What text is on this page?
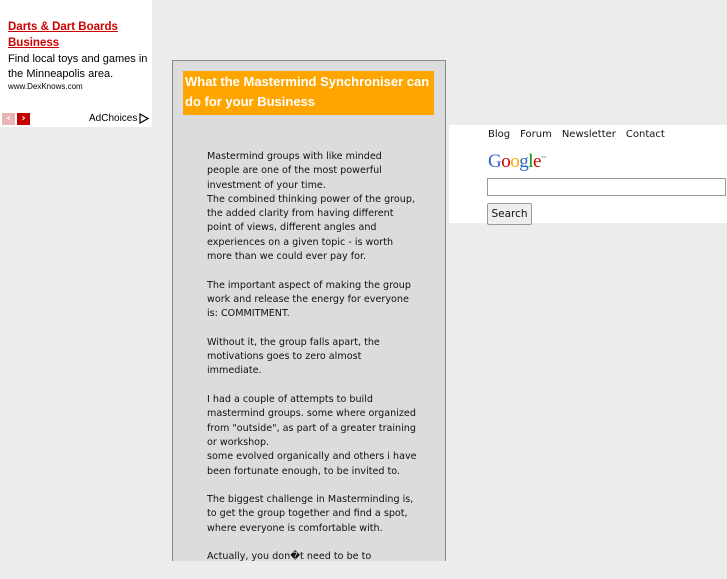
Darts & Dart Boards Business
Find local toys and games in the Minneapolis area.
www.DexKnows.com
‹	›	AdChoices
What the Mastermind Synchroniser can do for your Business

Mastermind groups with like minded people are one of the most powerful investment of your time.
The combined thinking power of the group, the added clarity from having different point of views, different angles and experiences on a given topic - is worth more than we could ever pay for.

The important aspect of making the group work and release the energy for everyone is: COMMITMENT.

Without it, the group falls apart, the motivations goes to zero almost immediate.

I had a couple of attempts to build mastermind groups. some where organized from "outside", as part of a greater training or workshop.
some evolved organically and others i have been fortunate enough, to be invited to.

The biggest challenge in Masterminding is, to get the group together and find a spot, where everyone is comfortable with.

Actually, you don�t need to be to

Blog Forum Newsletter Contact
Google™
Search
